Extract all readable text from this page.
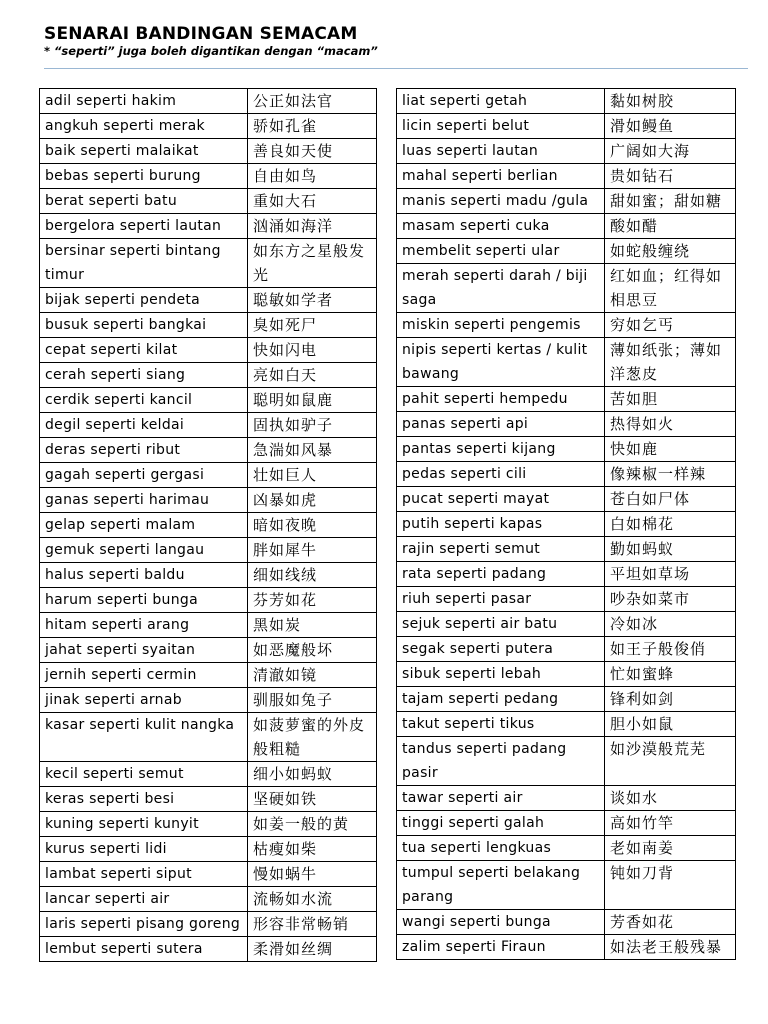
SENARAI BANDINGAN SEMACAM
* “seperti” juga boleh digantikan dengan “macam”
adil seperti hakim	公正如法官
angkuh seperti merak	骄如孔雀
baik seperti malaikat	善良如天使
bebas seperti burung	自由如鸟
berat seperti batu	重如大石
bergelora seperti lautan	汹涌如海洋
bersinar seperti bintang timur	如东方之星般发光
bijak seperti pendeta	聪敏如学者
busuk seperti bangkai	臭如死尸
cepat seperti kilat	快如闪电
cerah seperti siang	亮如白天
cerdik seperti kancil	聪明如鼠鹿
degil seperti keldai	固执如驴子
deras seperti ribut	急湍如风暴
gagah seperti gergasi	壮如巨人
ganas seperti harimau	凶暴如虎
gelap seperti malam	暗如夜晚
gemuk seperti langau	胖如犀牛
halus seperti baldu	细如线绒
harum seperti bunga	芬芳如花
hitam seperti arang	黑如炭
jahat seperti syaitan	如恶魔般坏
jernih seperti cermin	清澈如镜
jinak seperti arnab	驯服如兔子
kasar seperti kulit nangka	如菠萝蜜的外皮般粗糙
kecil seperti semut	细小如蚂蚁
keras seperti besi	坚硬如铁
kuning seperti kunyit	如姜一般的黄
kurus seperti lidi	枯瘦如柴
lambat seperti siput	慢如蜗牛
lancar seperti air	流畅如水流
laris seperti pisang goreng	形容非常畅销
lembut seperti sutera	柔滑如丝绸
liat seperti getah	黏如树胶
licin seperti belut	滑如鳗鱼
luas seperti lautan	广阔如大海
mahal seperti berlian	贵如钻石
manis seperti madu /gula	甜如蜜；甜如糖
masam seperti cuka	酸如醋
membelit seperti ular	如蛇般缠绕
merah seperti darah / biji saga	红如血；红得如相思豆
miskin seperti pengemis	穷如乞丐
nipis seperti kertas / kulit bawang	薄如纸张；薄如洋葱皮
pahit seperti hempedu	苦如胆
panas seperti api	热得如火
pantas seperti kijang	快如鹿
pedas seperti cili	像辣椒一样辣
pucat seperti mayat	苍白如尸体
putih seperti kapas	白如棉花
rajin seperti semut	勤如蚂蚁
rata seperti padang	平坦如草场
riuh seperti pasar	吵杂如菜市
sejuk seperti air batu	冷如冰
segak seperti putera	如王子般俊俏
sibuk seperti lebah	忙如蜜蜂
tajam seperti pedang	锋利如剑
takut seperti tikus	胆小如鼠
tandus seperti padang pasir	如沙漠般荒芜
tawar seperti air	谈如水
tinggi seperti galah	高如竹竿
tua seperti lengkuas	老如南姜
tumpul seperti belakang parang	钝如刀背
wangi seperti bunga	芳香如花
zalim seperti Firaun	如法老王般残暴
